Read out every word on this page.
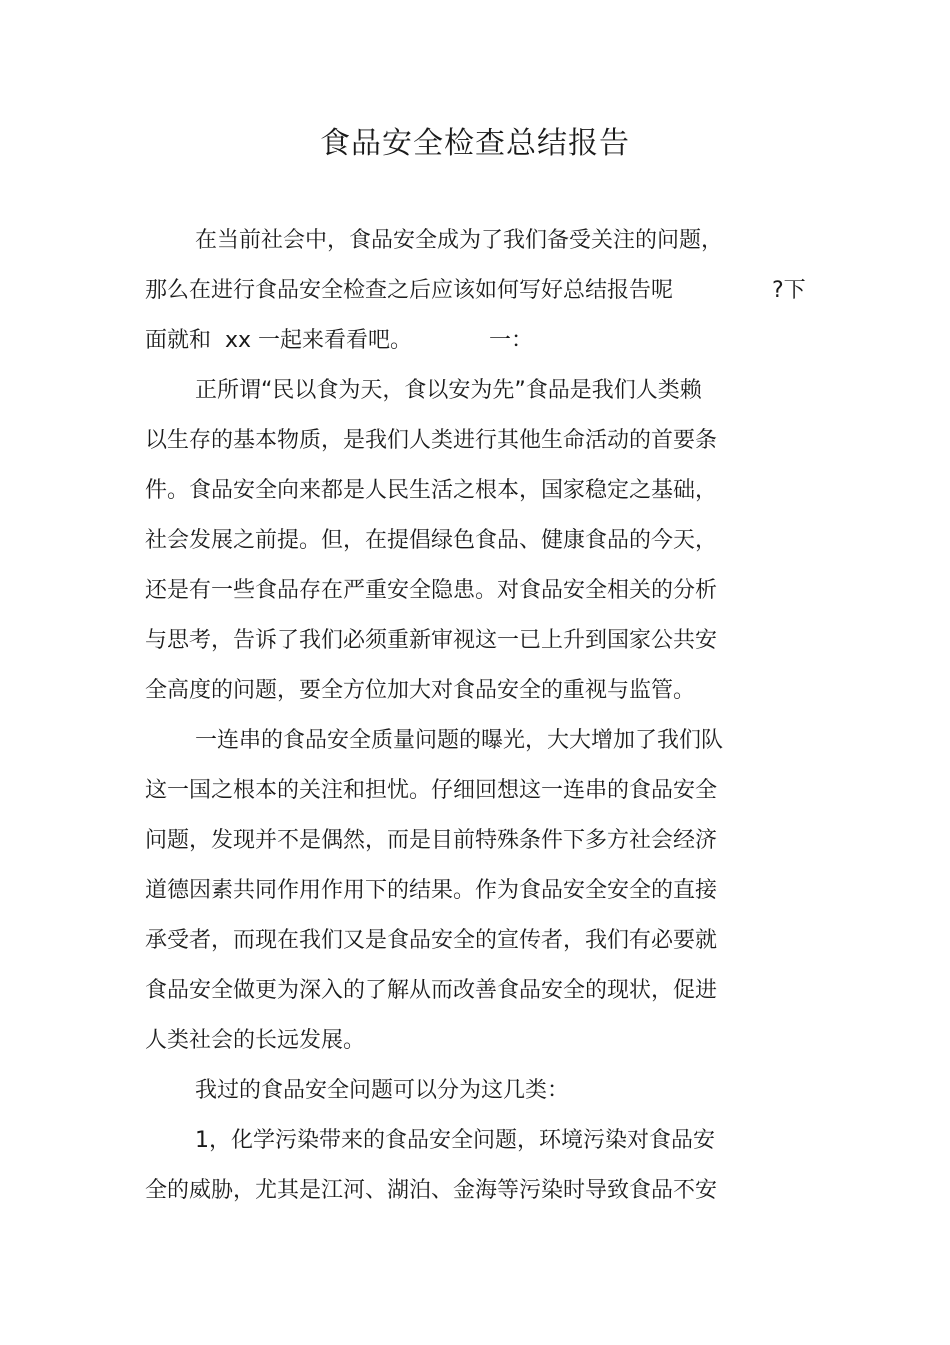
食品安全检查总结报告
在当前社会中，食品安全成为了我们备受关注的问题，
那么在进行食品安全检查之后应该如何写好总结报告呢	?下
面就和  xx 一起来看看吧。           一：
正所谓“民以食为天，食以安为先”食品是我们人类赖
以生存的基本物质，是我们人类进行其他生命活动的首要条
件。食品安全向来都是人民生活之根本，国家稳定之基础，
社会发展之前提。但，在提倡绿色食品、健康食品的今天，
还是有一些食品存在严重安全隐患。对食品安全相关的分析
与思考，告诉了我们必须重新审视这一已上升到国家公共安
全高度的问题，要全方位加大对食品安全的重视与监管。
一连串的食品安全质量问题的曝光，大大增加了我们队
这一国之根本的关注和担忧。仔细回想这一连串的食品安全
问题，发现并不是偶然，而是目前特殊条件下多方社会经济
道德因素共同作用作用下的结果。作为食品安全安全的直接
承受者，而现在我们又是食品安全的宣传者，我们有必要就
食品安全做更为深入的了解从而改善食品安全的现状，促进
人类社会的长远发展。
我过的食品安全问题可以分为这几类：
1，化学污染带来的食品安全问题，环境污染对食品安
全的威胁，尤其是江河、湖泊、金海等污染时导致食品不安
